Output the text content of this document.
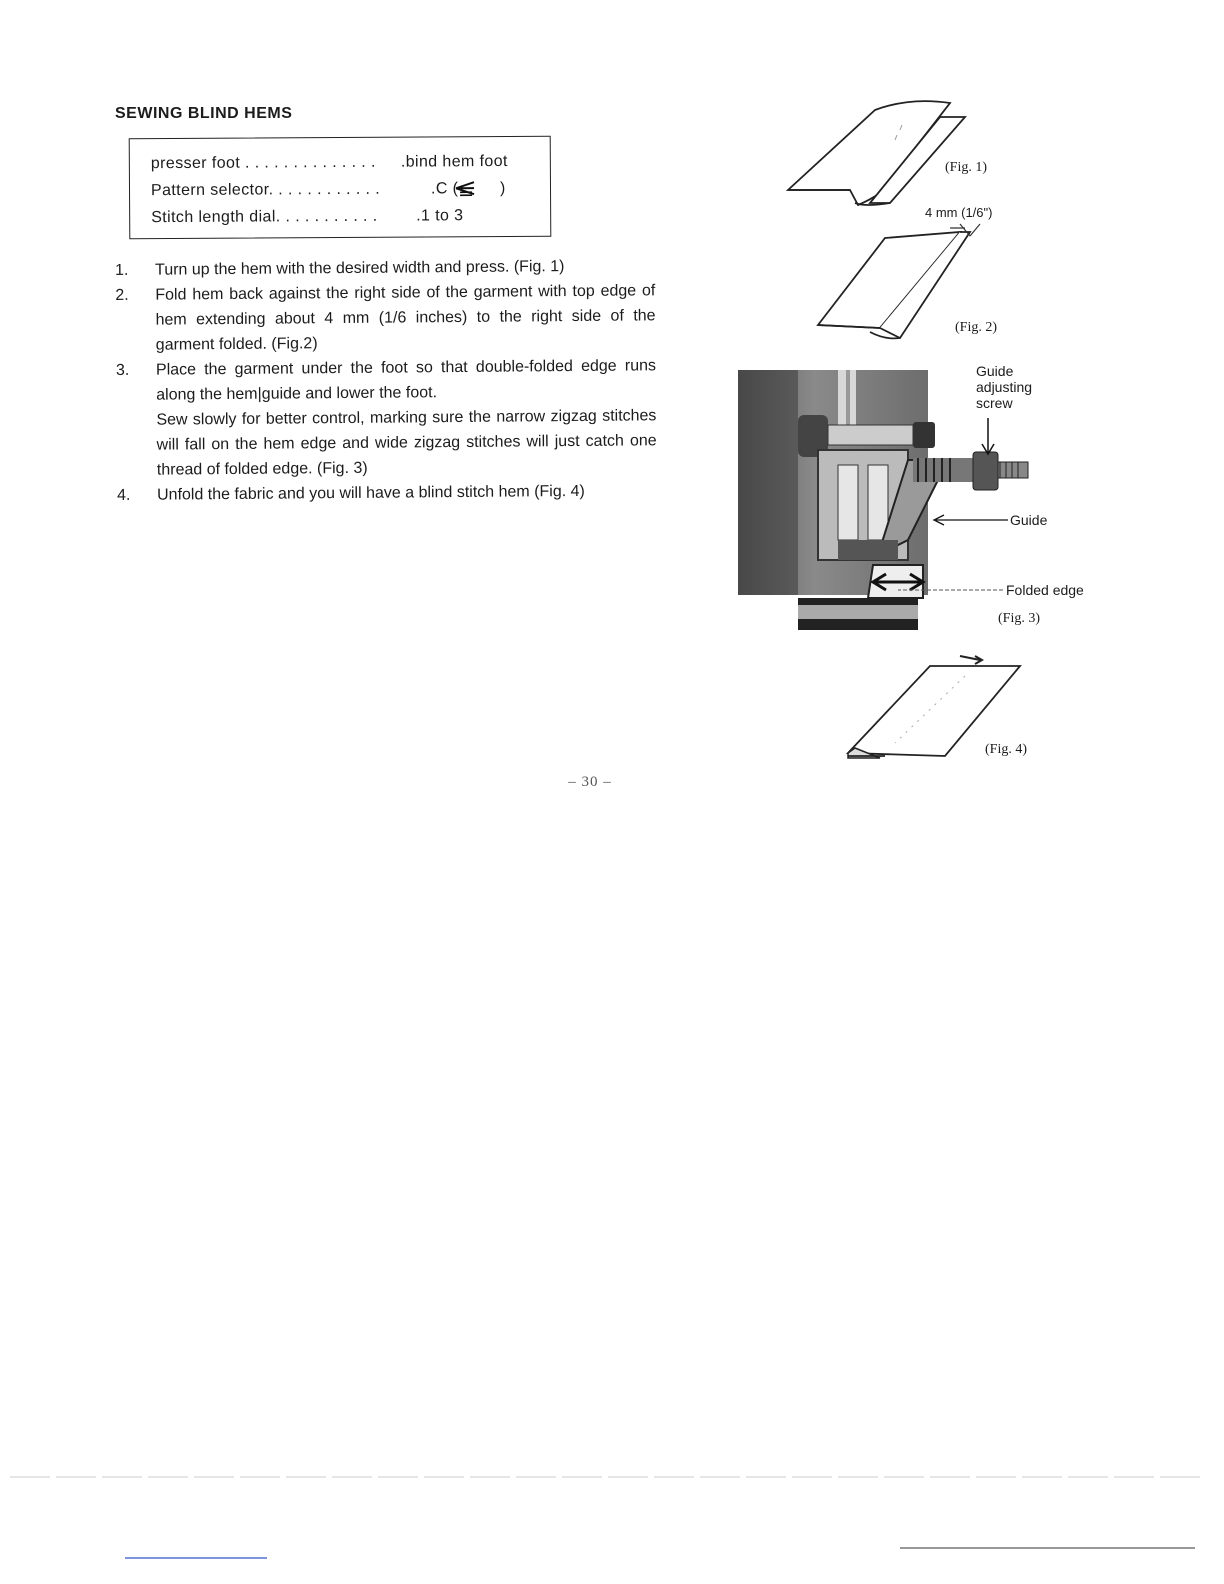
SEWING BLIND HEMS
presser foot . . . . . . . . . . . . . . .bind hem foot
Pattern selector. . . . . . . . . . . .	.C (	)
Stitch length dial. . . . . . . . . . . .1 to 3
1. Turn up the hem with the desired width and press. (Fig. 1)

2. Fold hem back against the right side of the garment with top edge of hem extending about 4 mm (1/6 inches) to the right side of the garment folded. (Fig.2)

3. Place the garment under the foot so that double-folded edge runs along the hem|guide and lower the foot.

Sew slowly for better control, marking sure the narrow zigzag stitches will fall on the hem edge and wide zigzag stitches will just catch one thread of folded edge. (Fig. 3)

4. Unfold the fabric and you will have a blind stitch hem (Fig. 4)

(Fig. 1)
4 mm (1/6")
(Fig. 2)
Guide
adjusting
screw
Guide
Folded edge
(Fig. 3)
(Fig. 4)
– 30 –
